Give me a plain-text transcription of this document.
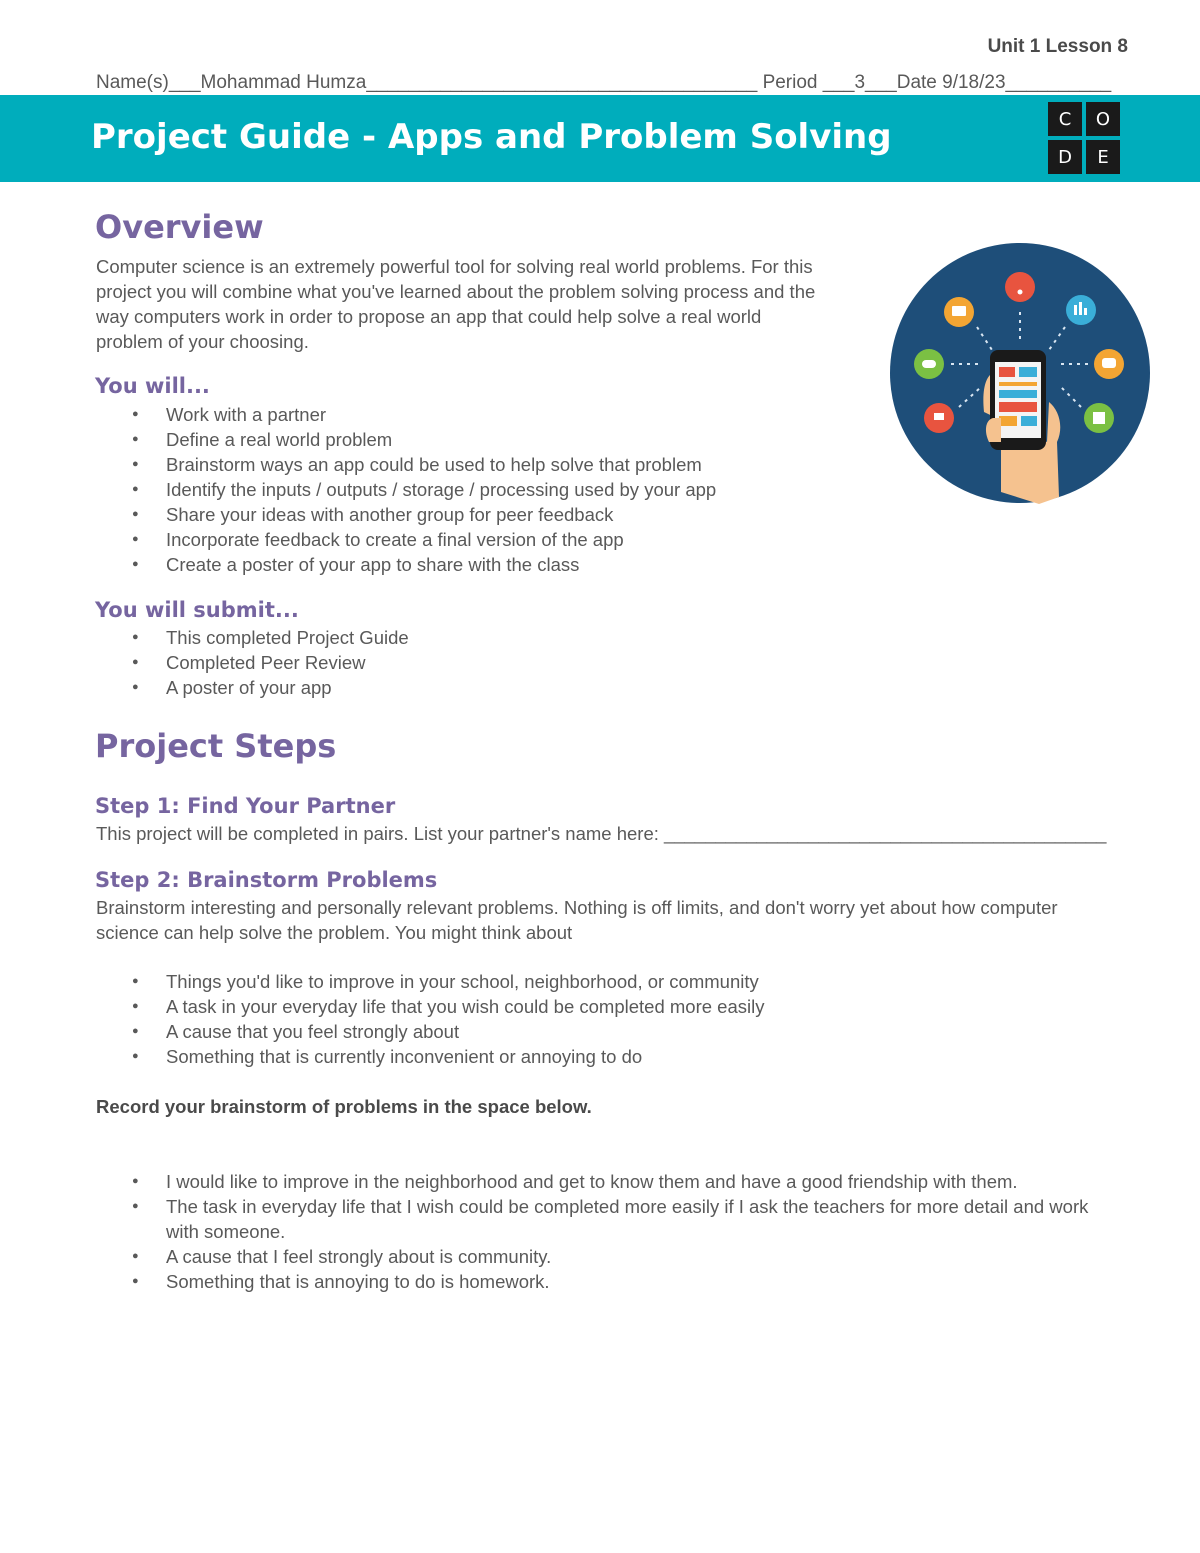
Unit 1 Lesson 8
Name(s)___Mohammad Humza_____________________________________ Period ___3___Date 9/18/23__________
Project Guide - Apps and Problem Solving	C	O
D	E
Overview
Computer science is an extremely powerful tool for solving real world problems. For this
project you will combine what you've learned about the problem solving process and the
way computers work in order to propose an app that could help solve a real world
problem of your choosing.
You will...
● Work with a partner
● Define a real world problem
● Brainstorm ways an app could be used to help solve that problem
● Identify the inputs / outputs / storage / processing used by your app
● Share your ideas with another group for peer feedback
● Incorporate feedback to create a final version of the app
● Create a poster of your app to share with the class
You will submit...
● This completed Project Guide
● Completed Peer Review
● A poster of your app
Project Steps
Step 1: Find Your Partner
This project will be completed in pairs. List your partner's name here: ___________________________________________
Step 2: Brainstorm Problems
Brainstorm interesting and personally relevant problems. Nothing is off limits, and don't worry yet about how computer
science can help solve the problem. You might think about
● Things you'd like to improve in your school, neighborhood, or community
● A task in your everyday life that you wish could be completed more easily
● A cause that you feel strongly about
● Something that is currently inconvenient or annoying to do
Record your brainstorm of problems in the space below.
● I would like to improve in the neighborhood and get to know them and have a good friendship with them.
● The task in everyday life that I wish could be completed more easily if I ask the teachers for more detail and work with someone.
● A cause that I feel strongly about is community.
● Something that is annoying to do is homework.
